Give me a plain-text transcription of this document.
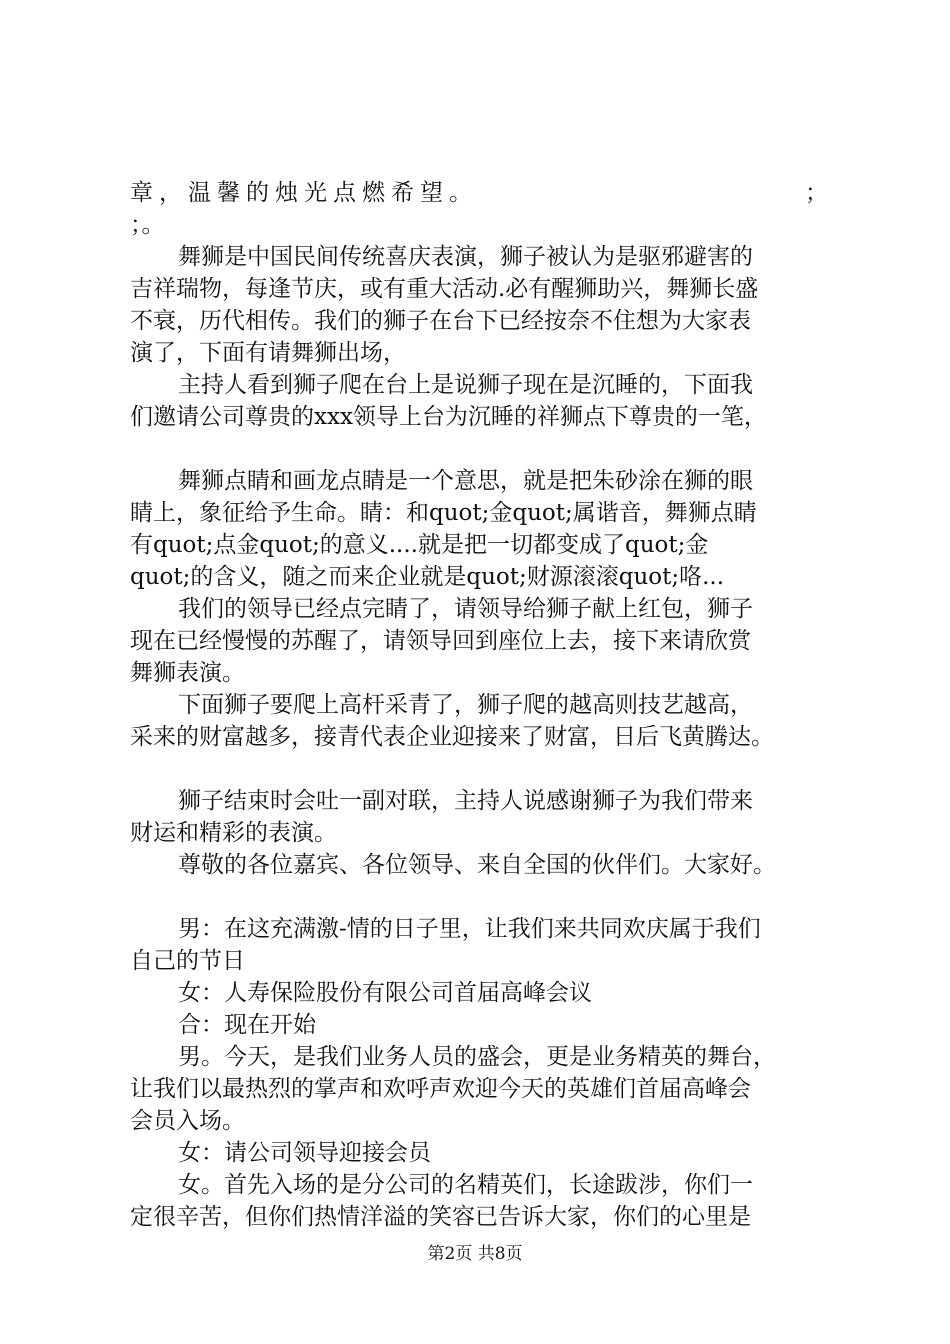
章，温馨的烛光点燃希望。	；
；。
舞狮是中国民间传统喜庆表演，狮子被认为是驱邪避害的
吉祥瑞物，每逢节庆，或有重大活动.必有醒狮助兴，舞狮长盛
不衰，历代相传。我们的狮子在台下已经按奈不住想为大家表
演了，下面有请舞狮出场，
主持人看到狮子爬在台上是说狮子现在是沉睡的，下面我
们邀请公司尊贵的xxx领导上台为沉睡的祥狮点下尊贵的一笔，
舞狮点睛和画龙点睛是一个意思，就是把朱砂涂在狮的眼
睛上，象征给予生命。睛：和quot;金quot;属谐音，舞狮点睛
有quot;点金quot;的意义....就是把一切都变成了quot;金
quot;的含义，随之而来企业就是quot;财源滚滚quot;咯...
我们的领导已经点完睛了，请领导给狮子献上红包，狮子
现在已经慢慢的苏醒了，请领导回到座位上去，接下来请欣赏
舞狮表演。
下面狮子要爬上高杆采青了，狮子爬的越高则技艺越高，
采来的财富越多，接青代表企业迎接来了财富，日后飞黄腾达。
狮子结束时会吐一副对联，主持人说感谢狮子为我们带来
财运和精彩的表演。
尊敬的各位嘉宾、各位领导、来自全国的伙伴们。大家好。
男：在这充满激-情的日子里，让我们来共同欢庆属于我们
自己的节日
女：人寿保险股份有限公司首届高峰会议
合：现在开始
男。今天，是我们业务人员的盛会，更是业务精英的舞台，
让我们以最热烈的掌声和欢呼声欢迎今天的英雄们首届高峰会
会员入场。
女：请公司领导迎接会员
女。首先入场的是分公司的名精英们，长途跋涉，你们一
定很辛苦，但你们热情洋溢的笑容已告诉大家，你们的心里是
第2页 共8页
